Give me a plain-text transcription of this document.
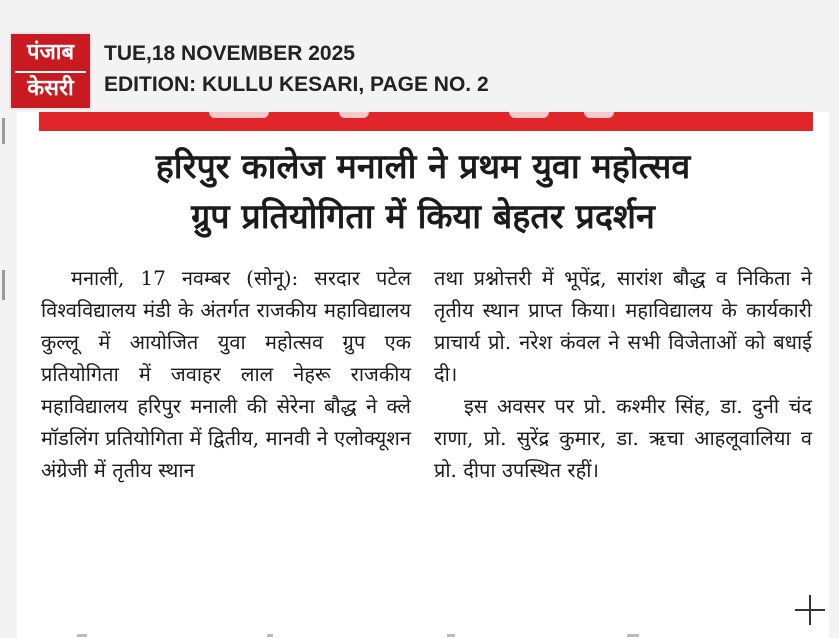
पंजाब
केसरी
TUE,18 NOVEMBER 2025
EDITION: KULLU KESARI, PAGE NO. 2
हरिपुर कालेज मनाली ने प्रथम युवा महोत्सव
ग्रुप प्रतियोगिता में किया बेहतर प्रदर्शन

मनाली, 17 नवम्बर (सोनू): सरदार पटेल विश्वविद्यालय मंडी के अंतर्गत राजकीय महाविद्यालय कुल्लू में आयोजित युवा महोत्सव ग्रुप एक प्रतियोगिता में जवाहर लाल नेहरू राजकीय महाविद्यालय हरिपुर मनाली की सेरेना बौद्ध ने क्ले मॉडलिंग प्रतियोगिता में द्वितीय, मानवी ने एलोक्यूशन अंग्रेजी में तृतीय स्थान

तथा प्रश्नोत्तरी में भूपेंद्र, सारांश बौद्ध व निकिता ने तृतीय स्थान प्राप्त किया। महाविद्यालय के कार्यकारी प्राचार्य प्रो. नरेश कंवल ने सभी विजेताओं को बधाई दी।

इस अवसर पर प्रो. कश्मीर सिंह, डा. दुनी चंद राणा, प्रो. सुरेंद्र कुमार, डा. ऋचा आहलूवालिया व प्रो. दीपा उपस्थित रहीं।
